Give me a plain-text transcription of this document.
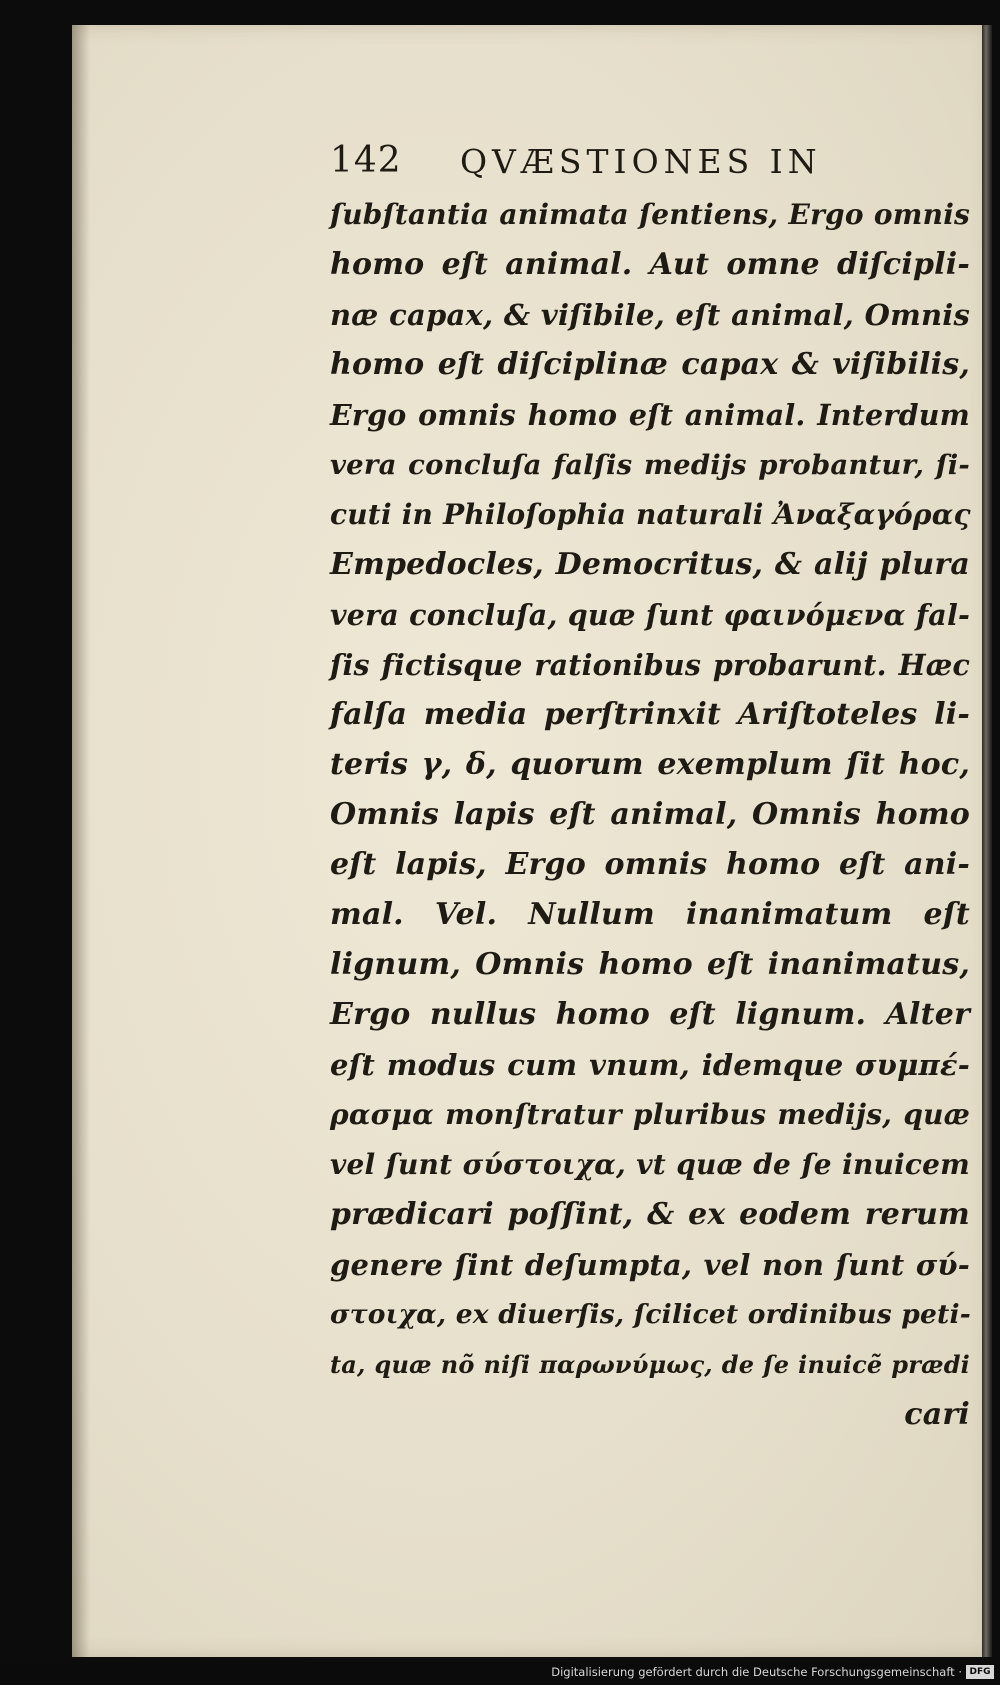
142 QVÆSTIONES IN
ſubſtantia animata ſentiens, Ergo omnis
homo eſt animal. Aut omne diſcipli-
næ capax, & viſibile, eſt animal, Omnis
homo eſt diſciplinæ capax & viſibilis,
Ergo omnis homo eſt animal. Interdum
vera concluſa falſis medijs probantur, ſi-
cuti in Philoſophia naturali Ἀναξαγόρας
Empedocles, Democritus, & alij plura
vera concluſa, quæ ſunt φαινόμενα fal-
ſis fictisque rationibus probarunt. Hæc
falſa media perſtrinxit Ariſtoteles li-
teris γ, δ, quorum exemplum ſit hoc,
Omnis lapis eſt animal, Omnis homo
eſt lapis, Ergo omnis homo eſt ani-
mal. Vel. Nullum inanimatum eſt
lignum, Omnis homo eſt inanimatus,
Ergo nullus homo eſt lignum. Alter
eſt modus cum vnum, idemque συμπέ-
ρασμα monſtratur pluribus medijs, quæ
vel ſunt σύστοιχα, vt quæ de ſe inuicem
prædicari poſſint, & ex eodem rerum
genere ſint deſumpta, vel non ſunt σύ-
στοιχα, ex diuerſis, ſcilicet ordinibus peti-
ta, quæ nõ niſi παρωνύμως, de ſe inuicẽ prædi
cari
Digitalisierung gefördert durch die Deutsche Forschungsgemeinschaft · DFG
